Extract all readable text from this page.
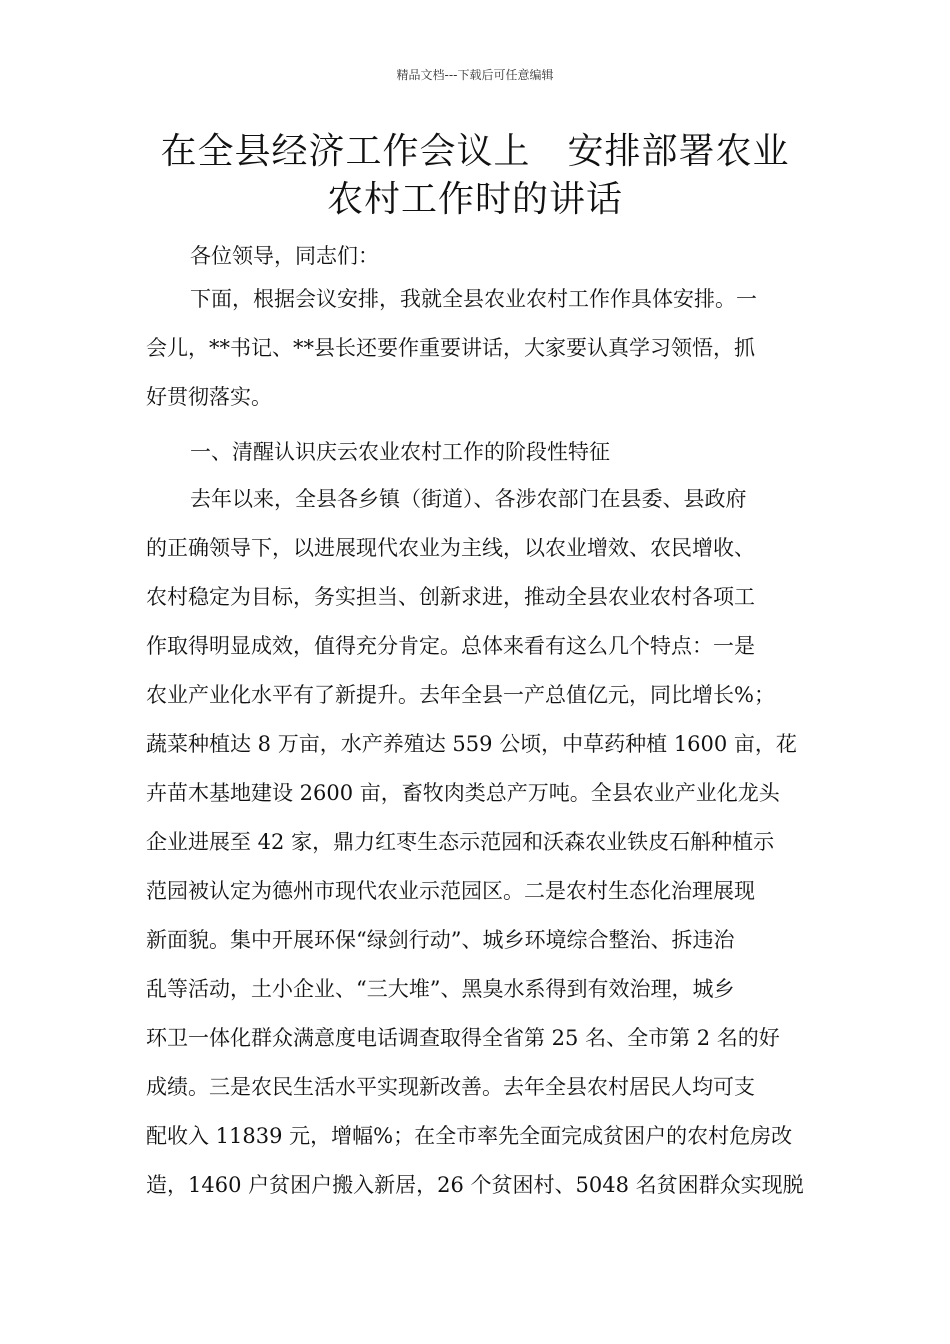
精品文档---下载后可任意编辑
在全县经济工作会议上　安排部署农业
农村工作时的讲话
各位领导，同志们：
下面，根据会议安排，我就全县农业农村工作作具体安排。一
会儿，**书记、**县长还要作重要讲话，大家要认真学习领悟，抓
好贯彻落实。
一、清醒认识庆云农业农村工作的阶段性特征
去年以来，全县各乡镇（街道）、各涉农部门在县委、县政府
的正确领导下，以进展现代农业为主线，以农业增效、农民增收、
农村稳定为目标，务实担当、创新求进，推动全县农业农村各项工
作取得明显成效，值得充分肯定。总体来看有这么几个特点：一是
农业产业化水平有了新提升。去年全县一产总值亿元，同比增长%；
蔬菜种植达 8 万亩，水产养殖达 559 公顷，中草药种植 1600 亩，花
卉苗木基地建设 2600 亩，畜牧肉类总产万吨。全县农业产业化龙头
企业进展至 42 家，鼎力红枣生态示范园和沃森农业铁皮石斛种植示
范园被认定为德州市现代农业示范园区。二是农村生态化治理展现
新面貌。集中开展环保“绿剑行动”、城乡环境综合整治、拆违治
乱等活动，土小企业、“三大堆”、黑臭水系得到有效治理，城乡
环卫一体化群众满意度电话调查取得全省第 25 名、全市第 2 名的好
成绩。三是农民生活水平实现新改善。去年全县农村居民人均可支
配收入 11839 元，增幅%；在全市率先全面完成贫困户的农村危房改
造，1460 户贫困户搬入新居，26 个贫困村、5048 名贫困群众实现脱
